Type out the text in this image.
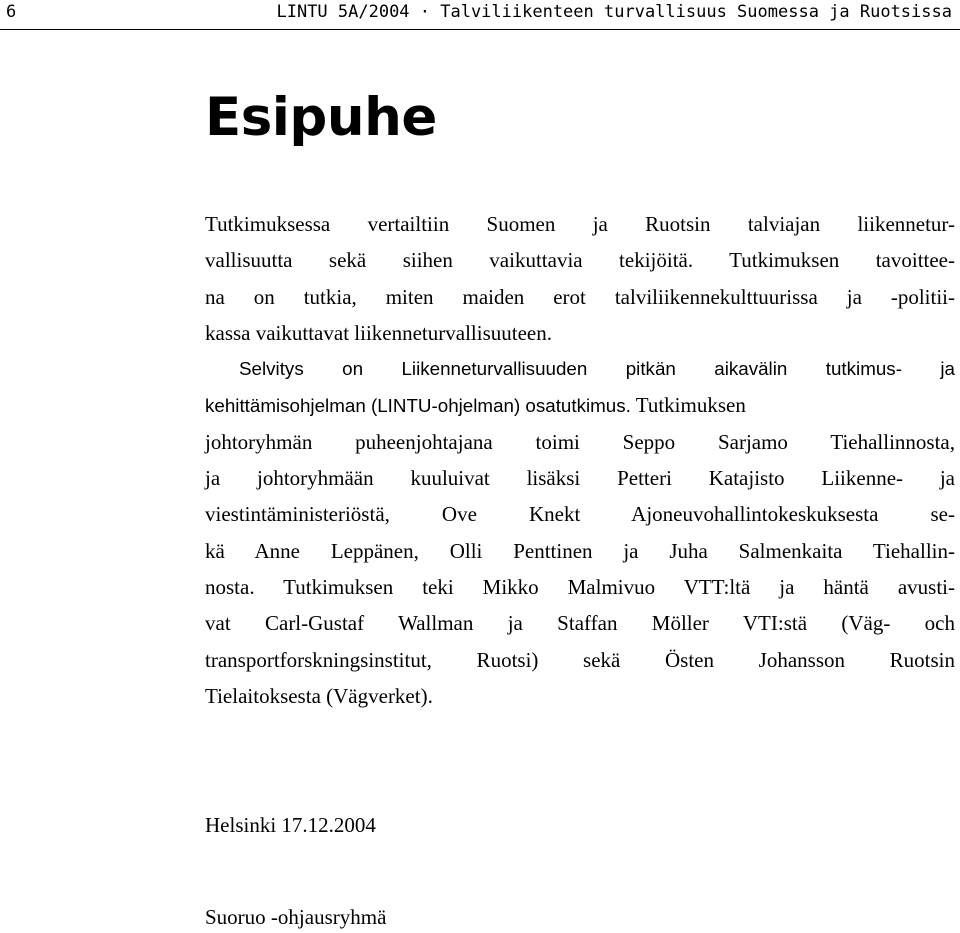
6	LINTU 5A/2004 · Talviliikenteen turvallisuus Suomessa ja Ruotsissa
Esipuhe
Tutkimuksessa vertailtiin Suomen ja Ruotsin talviajan liikennetur-
vallisuutta sekä siihen vaikuttavia tekijöitä. Tutkimuksen tavoittee-
na on tutkia, miten maiden erot talviliikennekulttuurissa ja -politii-
kassa vaikuttavat liikenneturvallisuuteen.
Selvitys on Liikenneturvallisuuden pitkän aikavälin tutkimus- ja
kehittämisohjelman (LINTU-ohjelman) osatutkimus. Tutkimuksen
johtoryhmän puheenjohtajana toimi Seppo Sarjamo Tiehallinnosta,
ja johtoryhmään kuuluivat lisäksi Petteri Katajisto Liikenne- ja
viestintäministeriöstä, Ove Knekt Ajoneuvohallintokeskuksesta se-
kä Anne Leppänen, Olli Penttinen ja Juha Salmenkaita Tiehallin-
nosta. Tutkimuksen teki Mikko Malmivuo VTT:ltä ja häntä avusti-
vat Carl-Gustaf Wallman ja Staffan Möller VTI:stä (Väg- och
transportforskningsinstitut, Ruotsi) sekä Östen Johansson Ruotsin
Tielaitoksesta (Vägverket).
Helsinki 17.12.2004
Suoruo -ohjausryhmä
